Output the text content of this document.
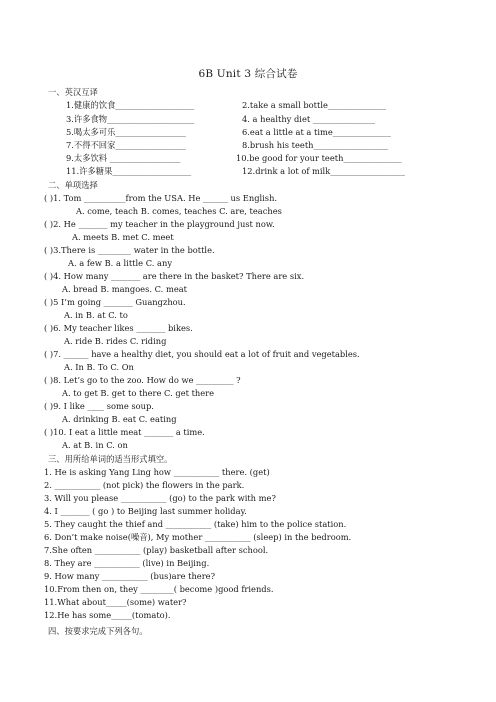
6B Unit 3 综合试卷
一、英汉互译
1.健康的饮食___________________	2.take a small bottle______________
3.许多食物_____________________	4. a healthy diet _______________
5.喝太多可乐_________________	6.eat a little at a time______________
7.不得不回家_________________	8.brush his teeth__________________
9.太多饮料 _________________	10.be good for your teeth______________
11.许多糖果___________________	12.drink a lot of milk__________________
二、单项选择
( )1. Tom __________from the USA. He ______ us English.
A. come, teach B. comes, teaches C. are, teaches
( )2. He _______ my teacher in the playground just now.
A. meets B. met C. meet
( )3.There is ________ water in the bottle.
A. a few B. a little C. any
( )4. How many _______ are there in the basket? There are six.
A. bread B. mangoes. C. meat
( )5 I’m going _______ Guangzhou.
A. in B. at C. to
( )6. My teacher likes _______ bikes.
A. ride B. rides C. riding
( )7. ______ have a healthy diet, you should eat a lot of fruit and vegetables.
A. In B. To C. On
( )8. Let’s go to the zoo. How do we _________ ?
A. to get B. get to there C. get there
( )9. I like ____ some soup.
A. drinking B. eat C. eating
( )10. I eat a little meat _______ a time.
A. at B. in C. on
三、用所给单词的适当形式填空。
1. He is asking Yang Ling how ___________ there. (get)
2. ___________ (not pick) the flowers in the park.
3. Will you please ___________ (go) to the park with me?
4. I _______ ( go ) to Beijing last summer holiday.
5. They caught the thief and ___________ (take) him to the police station.
6. Don’t make noise(噪音), My mother ___________ (sleep) in the bedroom.
7.She often ___________ (play) basketball after school.
8. They are ___________ (live) in Beijing.
9. How many ___________ (bus)are there?
10.From then on, they ________( become )good friends.
11.What about_____(some) water?
12.He has some_____(tomato).
四、按要求完成下列各句。
